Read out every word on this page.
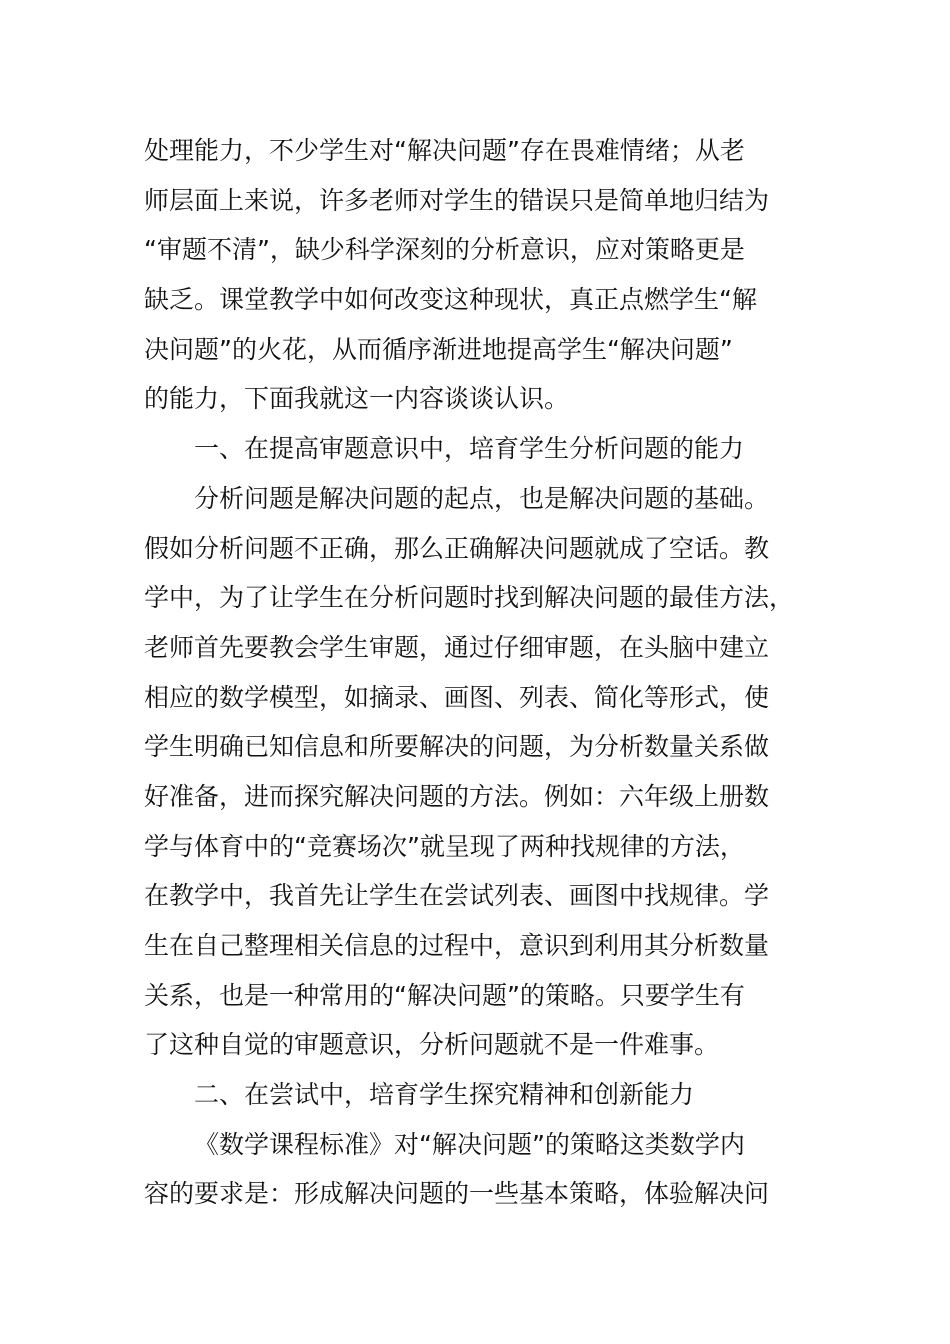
处理能力，不少学生对“解决问题”存在畏难情绪；从老
师层面上来说，许多老师对学生的错误只是简单地归结为
“审题不清”，缺少科学深刻的分析意识，应对策略更是
缺乏。课堂教学中如何改变这种现状，真正点燃学生“解
决问题”的火花，从而循序渐进地提高学生“解决问题”
的能力，下面我就这一内容谈谈认识。
一、在提高审题意识中，培育学生分析问题的能力
分析问题是解决问题的起点，也是解决问题的基础。
假如分析问题不正确，那么正确解决问题就成了空话。教
学中，为了让学生在分析问题时找到解决问题的最佳方法，
老师首先要教会学生审题，通过仔细审题，在头脑中建立
相应的数学模型，如摘录、画图、列表、简化等形式，使
学生明确已知信息和所要解决的问题，为分析数量关系做
好准备，进而探究解决问题的方法。例如：六年级上册数
学与体育中的“竞赛场次”就呈现了两种找规律的方法，
在教学中，我首先让学生在尝试列表、画图中找规律。学
生在自己整理相关信息的过程中，意识到利用其分析数量
关系，也是一种常用的“解决问题”的策略。只要学生有
了这种自觉的审题意识，分析问题就不是一件难事。
二、在尝试中，培育学生探究精神和创新能力
《数学课程标准》对“解决问题”的策略这类数学内
容的要求是：形成解决问题的一些基本策略，体验解决问
